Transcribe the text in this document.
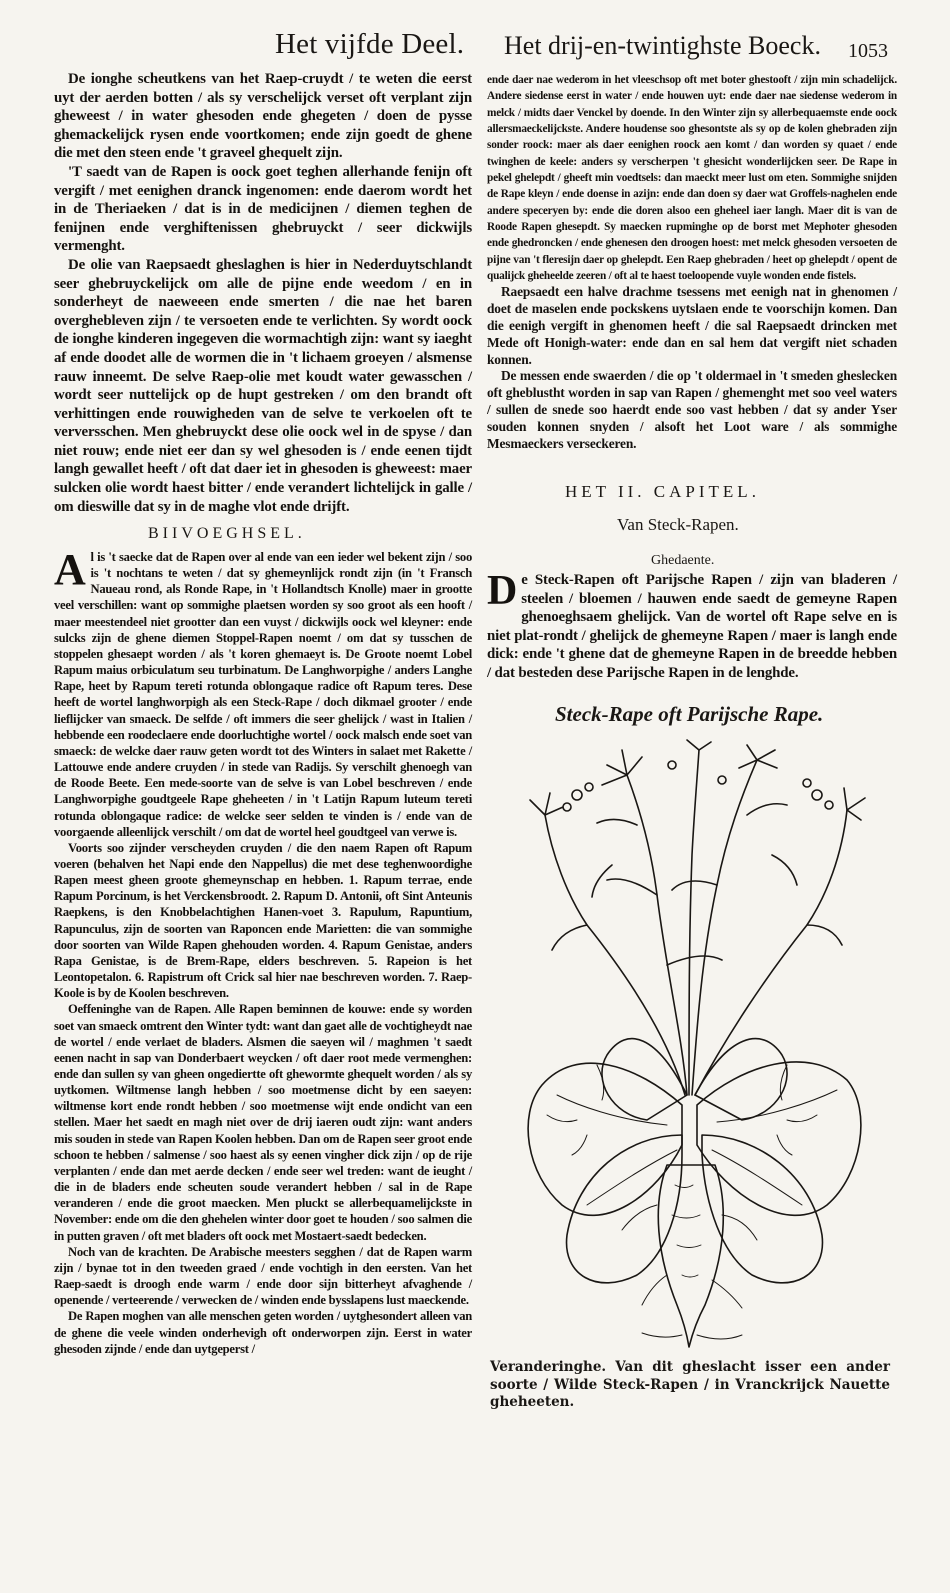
Het vijfde Deel. Het drij-en-twintighste Boeck. 1053

De ionghe scheutkens van het Raep-cruydt / te weten die eerst uyt der aerden botten / als sy verschelijck verset oft verplant zijn gheweest / in water ghesoden ende ghegeten / doen de pysse ghemackelijck rysen ende voortkomen; ende zijn goedt de ghene die met den steen ende 't graveel ghequelt zijn.

'T saedt van de Rapen is oock goet teghen allerhande fenijn oft vergift / met eenighen dranck ingenomen: ende daerom wordt het in de Theriaeken / dat is in de medicijnen / diemen teghen de fenijnen ende verghiftenissen ghebruyckt / seer dickwijls vermenght.

De olie van Raepsaedt gheslaghen is hier in Nederduytschlandt seer ghebruyckelijck om alle de pijne ende weedom / en in sonderheyt de naeweeen ende smerten / die nae het baren overghebleven zijn / te versoeten ende te verlichten. Sy wordt oock de ionghe kinderen ingegeven die wormachtigh zijn: want sy iaeght af ende doodet alle de wormen die in 't lichaem groeyen / alsmense rauw inneemt. De selve Raep-olie met koudt water gewasschen / wordt seer nuttelijck op de hupt gestreken / om den brandt oft verhittingen ende rouwigheden van de selve te verkoelen oft te verversschen. Men ghebruyckt dese olie oock wel in de spyse / dan niet rouw; ende niet eer dan sy wel ghesoden is / ende eenen tijdt langh gewallet heeft / oft dat daer iet in ghesoden is gheweest: maer sulcken olie wordt haest bitter / ende verandert lichtelijck in galle / om dieswille dat sy in de maghe vlot ende drijft.

BIIVOEGHSEL.

Al is 't saecke dat de Rapen over al ende van een ieder wel bekent zijn / soo is 't nochtans te weten / dat sy ghemeynlijck rondt zijn (in 't Fransch Naueau rond, als Ronde Rape, in 't Hollandtsch Knolle) maer in grootte veel verschillen: want op sommighe plaetsen worden sy soo groot als een hooft / maer meestendeel niet grootter dan een vuyst / dickwijls oock wel kleyner: ende sulcks zijn de ghene diemen Stoppel-Rapen noemt / om dat sy tusschen de stoppelen ghesaept worden / als 't koren ghemaeyt is. De Groote noemt Lobel Rapum maius orbiculatum seu turbinatum. De Langhworpighe / anders Langhe Rape, heet by Rapum tereti rotunda oblongaque radice oft Rapum teres. Dese heeft de wortel langhworpigh als een Steck-Rape / doch dikmael grooter / ende lieflijcker van smaeck. De selfde / oft immers die seer ghelijck / wast in Italien / hebbende een roodeclaere ende doorluchtighe wortel / oock malsch ende soet van smaeck: de welcke daer rauw geten wordt tot des Winters in salaet met Rakette / Lattouwe ende andere cruyden / in stede van Radijs. Sy verschilt ghenoegh van de Roode Beete. Een mede-soorte van de selve is van Lobel beschreven / ende Langhworpighe goudtgeele Rape gheheeten / in 't Latijn Rapum luteum tereti rotunda oblongaque radice: de welcke seer selden te vinden is / ende van de voorgaende alleenlijck verschilt / om dat de wortel heel goudtgeel van verwe is.

Voorts soo zijnder verscheyden cruyden / die den naem Rapen oft Rapum voeren (behalven het Napi ende den Nappellus) die met dese teghenwoordighe Rapen meest gheen groote ghemeynschap en hebben. 1. Rapum terrae, ende Rapum Porcinum, is het Verckensbroodt. 2. Rapum D. Antonii, oft Sint Anteunis Raepkens, is den Knobbelachtighen Hanen-voet 3. Rapulum, Rapuntium, Rapunculus, zijn de soorten van Raponcen ende Marietten: die van sommighe door soorten van Wilde Rapen ghehouden worden. 4. Rapum Genistae, anders Rapa Genistae, is de Brem-Rape, elders beschreven. 5. Rapeion is het Leontopetalon. 6. Rapistrum oft Crick sal hier nae beschreven worden. 7. Raep-Koole is by de Koolen beschreven.

Oeffeninghe van de Rapen. Alle Rapen beminnen de kouwe: ende sy worden soet van smaeck omtrent den Winter tydt: want dan gaet alle de vochtigheydt nae de wortel / ende verlaet de bladers. Alsmen die saeyen wil / maghmen 't saedt eenen nacht in sap van Donderbaert weycken / oft daer root mede vermenghen: ende dan sullen sy van gheen ongediertte oft ghewormte ghequelt worden / als sy uytkomen. Wiltmense langh hebben / soo moetmense dicht by een saeyen: wiltmense kort ende rondt hebben / soo moetmense wijt ende ondicht van een stellen. Maer het saedt en magh niet over de drij iaeren oudt zijn: want anders mis souden in stede van Rapen Koolen hebben. Dan om de Rapen seer groot ende schoon te hebben / salmense / soo haest als sy eenen vingher dick zijn / op de rije verplanten / ende dan met aerde decken / ende seer wel treden: want de ieught / die in de bladers ende scheuten soude verandert hebben / sal in de Rape veranderen / ende die groot maecken. Men pluckt se allerbequamelijckste in November: ende om die den ghehelen winter door goet te houden / soo salmen die in putten graven / oft met bladers oft oock met Mostaert-saedt bedecken.

Noch van de krachten. De Arabische meesters segghen / dat de Rapen warm zijn / bynae tot in den tweeden graed / ende vochtigh in den eersten. Van het Raep-saedt is droogh ende warm / ende door sijn bitterheyt afvaghende / openende / verteerende / verwecken de / winden ende bysslapens lust maeckende.

De Rapen moghen van alle menschen geten worden / uytghesondert alleen van de ghene die veele winden onderhevigh oft onderworpen zijn. Eerst in water ghesoden zijnde / ende dan uytgeperst /

ende daer nae wederom in het vleeschsop oft met boter ghestooft / zijn min schadelijck. Andere siedense eerst in water / ende houwen uyt: ende daer nae siedense wederom in melck / midts daer Venckel by doende. In den Winter zijn sy allerbequaemste ende oock allersmaeckelijckste. Andere houdense soo ghesontste als sy op de kolen ghebraden zijn sonder roock: maer als daer eenighen roock aen komt / dan worden sy quaet / ende twinghen de keele: anders sy verscherpen 't ghesicht wonderlijcken seer. De Rape in pekel ghelepdt / gheeft min voedtsels: dan maeckt meer lust om eten. Sommighe snijden de Rape kleyn / ende doense in azijn: ende dan doen sy daer wat Groffels-naghelen ende andere speceryen by: ende die doren alsoo een gheheel iaer langh. Maer dit is van de Roode Rapen ghesepdt. Sy maecken rupminghe op de borst met Mephoter ghesoden ende ghedroncken / ende ghenesen den droogen hoest: met melck ghesoden versoeten de pijne van 't fleresijn daer op ghelepdt. Een Raep ghebraden / heet op ghelepdt / opent de qualijck gheheelde zeeren / oft al te haest toeloopende vuyle wonden ende fistels.

Raepsaedt een halve drachme tsessens met eenigh nat in ghenomen / doet de maselen ende pockskens uytslaen ende te voorschijn komen. Dan die eenigh vergift in ghenomen heeft / die sal Raepsaedt drincken met Mede oft Honigh-water: ende dan en sal hem dat vergift niet schaden konnen.

De messen ende swaerden / die op 't oldermael in 't smeden gheslecken oft gheblustht worden in sap van Rapen / ghemenght met soo veel waters / sullen de snede soo haerdt ende soo vast hebben / dat sy ander Yser souden konnen snyden / alsoft het Loot ware / als sommighe Mesmaeckers verseckeren.

HET II. CAPITEL.
Van Steck-Rapen.
Ghedaente.

De Steck-Rapen oft Parijsche Rapen / zijn van bladeren / steelen / bloemen / hauwen ende saedt de gemeyne Rapen ghenoeghsaem ghelijck. Van de wortel oft Rape selve en is niet plat-rondt / ghelijck de ghemeyne Rapen / maer is langh ende dick: ende 't ghene dat de ghemeyne Rapen in de breedde hebben / dat besteden dese Parijsche Rapen in de lenghde.

Steck-Rape oft Parijsche Rape.

Veranderinghe. Van dit gheslacht isser een ander soorte / Wilde Steck-Rapen / in Vranckrijck Nauette gheheeten.
